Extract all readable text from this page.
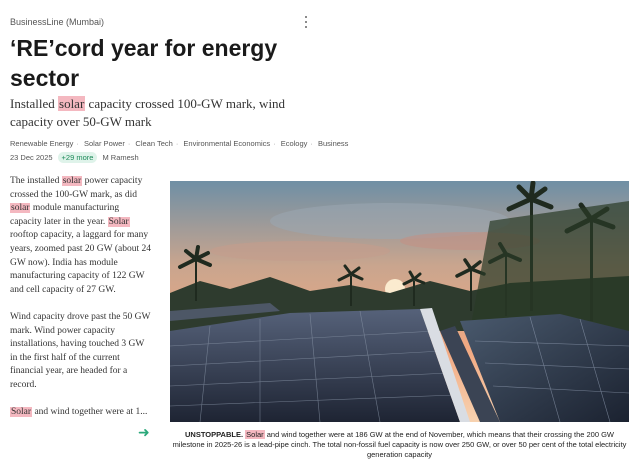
BusinessLine (Mumbai)
‘RE’cord year for energy sector

Installed solar capacity crossed 100-GW mark, wind capacity over 50-GW mark

Renewable Energy · Solar Power · Clean Tech · Environmental Economics · Ecology · Business
23 Dec 2025	+29 more	M Ramesh

The installed solar power capacity crossed the 100-GW mark, as did solar module manufacturing capacity later in the year. Solar rooftop capacity, a laggard for many years, zoomed past 20 GW (about 24 GW now). India has module manufacturing capacity of 122 GW and cell capacity of 27 GW.

Wind capacity drove past the 50 GW mark. Wind power capacity installations, having touched 3 GW in the first half of the current financial year, are headed for a record.

Solar and wind together were at 1...

➜	UNSTOPPABLE. Solar and wind together were at 186 GW at the end of November, which means that their crossing the 200 GW milestone in 2025-26 is a lead-pipe cinch. The total non-fossil fuel capacity is now over 250 GW, or over 50 per cent of the total electricity generation capacity
